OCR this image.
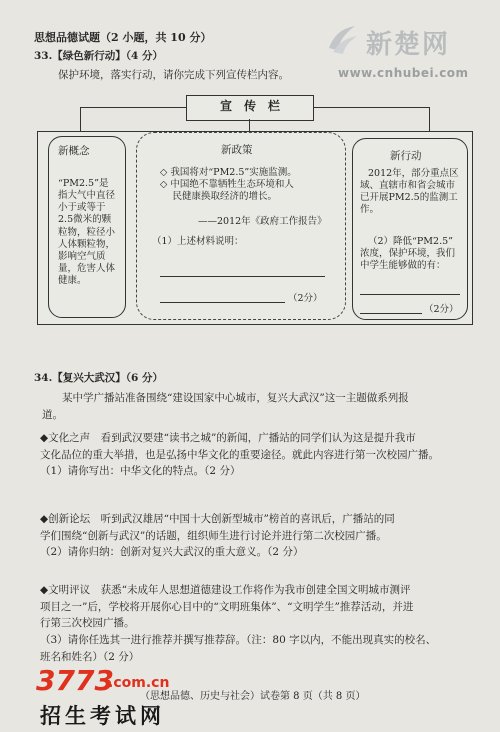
新楚网
www.cnhubei.com
思想品德试题（2 小题，共 10 分）
33.【绿色新行动】（4 分）
保护环境，落实行动，请你完成下列宣传栏内容。
宣　传　栏
新概念
“PM2.5”是
指大气中直径
小于或等于
2.5微米的颗
粒物，粒径小
人体颗粒物，
影响空气质
量，危害人体
健康。
新政策
◇ 我国将对“PM2.5”实施监测。
◇ 中国绝不靠牺牲生态环境和人
　 民健康换取经济的增长。
——2012年《政府工作报告》
（1）上述材料说明：
（2分）
新行动
2012年，部分重点区
域、直辖市和省会城市
已开展PM2.5的监测工
作。
（2）降低“PM2.5”
浓度，保护环境，我们
中学生能够做的有：
（2分）
34.【复兴大武汉】（6 分）
某中学广播站准备围绕“建设国家中心城市，复兴大武汉”这一主题做系列报
道。
◆文化之声　看到武汉要建“读书之城”的新闻，广播站的同学们认为这是提升我市
文化品位的重大举措，也是弘扬中华文化的重要途径。就此内容进行第一次校园广播。
（1）请你写出：中华文化的特点。（2 分）
◆创新论坛　听到武汉雄居“中国十大创新型城市”榜首的喜讯后，广播站的同
学们围绕“创新与武汉”的话题，组织师生进行讨论并进行第二次校园广播。
（2）请你归纳：创新对复兴大武汉的重大意义。（2 分）
◆文明评议　获悉“未成年人思想道德建设工作将作为我市创建全国文明城市测评
项目之一”后，学校将开展你心目中的“文明班集体”、“文明学生”推荐活动，并进
行第三次校园广播。
（3）请你任选其一进行推荐并撰写推荐辞。（注：80 字以内，不能出现真实的校名、
班名和姓名）（2 分）
（思想品德、历史与社会）试卷第 8 页（共 8 页）
3773
.com.cn
招生考试网
